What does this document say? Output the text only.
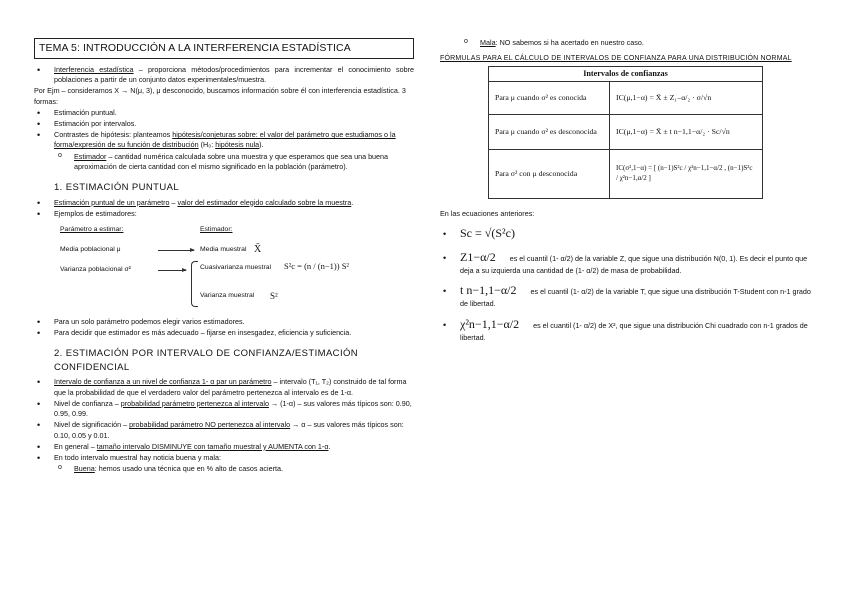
TEMA 5: INTRODUCCIÓN A LA INTERFERENCIA ESTADÍSTICA
• Interferencia estadística – proporciona métodos/procedimientos para incrementar el conocimiento sobre poblaciones a partir de un conjunto datos experimentales/muestra.

Por Ejm – consideramos X → N(μ, 3), μ desconocido, buscamos información sobre él con interferencia estadística. 3 formas:

• Estimación puntual.
• Estimación por intervalos.
• Contrastes de hipótesis: planteamos hipótesis/conjeturas sobre: el valor del parámetro que estudiamos o la forma/expresión de su función de distribución (H₀: hipótesis nula).
o Estimador – cantidad numérica calculada sobre una muestra y que esperamos que sea una buena aproximación de cierta cantidad con el mismo significado en la población (parámetro).
1. ESTIMACIÓN PUNTUAL
• Estimación puntual de un parámetro – valor del estimador elegido calculado sobre la muestra.
• Ejemplos de estimadores:
Parámetro a estimar:	Estimador:
Media poblacional μ	Media muestral X̄
Varianza poblacional σ²	Cuasivarianza muestral S²c = (n / (n−1)) S²
Varianza muestral S²
• Para un solo parámetro podemos elegir varios estimadores.
• Para decidir que estimador es más adecuado – fijarse en insesgadez, eficiencia y suficiencia.
2. ESTIMACIÓN POR INTERVALO DE CONFIANZA/ESTIMACIÓN CONFIDENCIAL
• Intervalo de confianza a un nivel de confianza 1- α par un parámetro – intervalo (T₁, T₂) construido de tal forma que la probabilidad de que el verdadero valor del parámetro pertenezca al intervalo es de 1-α.
• Nivel de confianza – probabilidad parámetro pertenezca al intervalo → (1-α) – sus valores más típicos son: 0.90, 0.95, 0.99.
• Nivel de significación – probabilidad parámetro NO pertenezca al intervalo → α – sus valores más típicos son: 0.10, 0.05 y 0.01.
• En general – tamaño intervalo DISMINUYE con tamaño muestral y AUMENTA con 1-α.
• En todo intervalo muestral hay noticia buena y mala:
o Buena: hemos usado una técnica que en % alto de casos acierta.
o Mala: NO sabemos si ha acertado en nuestro caso.
FÓRMULAS PARA EL CÁLCULO DE INTERVALOS DE CONFIANZA PARA UNA DISTRIBUCIÓN NORMAL
Intervalos de confianzas	
Para μ cuando σ² es conocida	IC(μ,1−α) = X̄ ± Z₁₋α/₂ · σ/√n
Para μ cuando σ² es desconocida	IC(μ,1−α) = X̄ ± t n−1,1−α/₂ · Sc/√n
Para σ² con μ desconocida	IC(σ²,1−α) = [ (n−1)S²c / χ²n−1,1−α/2 , (n−1)S²c / χ²n−1,α/2 ]

En las ecuaciones anteriores:

• Sc = √(S²c)
• Z1−α/2 es el cuantil (1- α/2) de la variable Z, que sigue una distribución N(0, 1). Es decir el punto que deja a su izquierda una cantidad de (1- α/2) de masa de probabilidad.
• t n−1,1−α/2 es el cuantil (1- α/2) de la variable T, que sigue una distribución T-Student con n-1 grado de libertad.
• χ²n−1,1−α/2 es el cuantil (1- α/2) de X², que sigue una distribución Chi cuadrado con n-1 grados de libertad.
